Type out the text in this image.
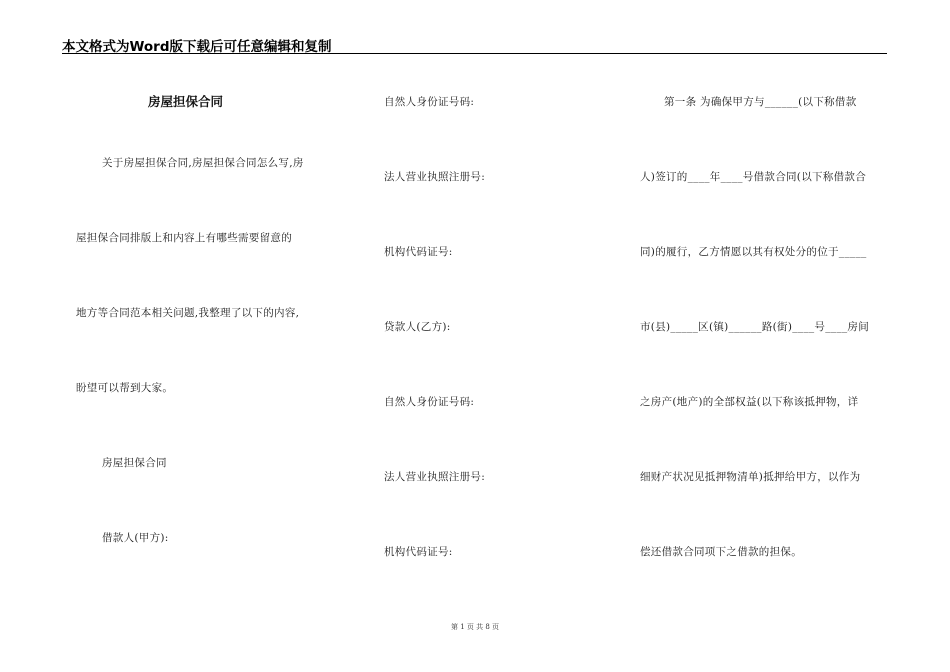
本文格式为Word版下载后可任意编辑和复制
房屋担保合同
关于房屋担保合同,房屋担保合同怎么写,房
屋担保合同排版上和内容上有哪些需要留意的
地方等合同范本相关问题,我整理了以下的内容,
盼望可以帮到大家。
房屋担保合同
借款人(甲方):
自然人身份证号码:
法人营业执照注册号:
机构代码证号:
贷款人(乙方):
自然人身份证号码:
法人营业执照注册号:
机构代码证号:
第一条 为确保甲方与______(以下称借款
人)签订的____年____号借款合同(以下称借款合
同)的履行，乙方情愿以其有权处分的位于_____
市(县)_____区(镇)______路(街)____号____房间
之房产(地产)的全部权益(以下称该抵押物，详
细财产状况见抵押物清单)抵押给甲方，以作为
偿还借款合同项下之借款的担保。
第 1 页 共 8 页
